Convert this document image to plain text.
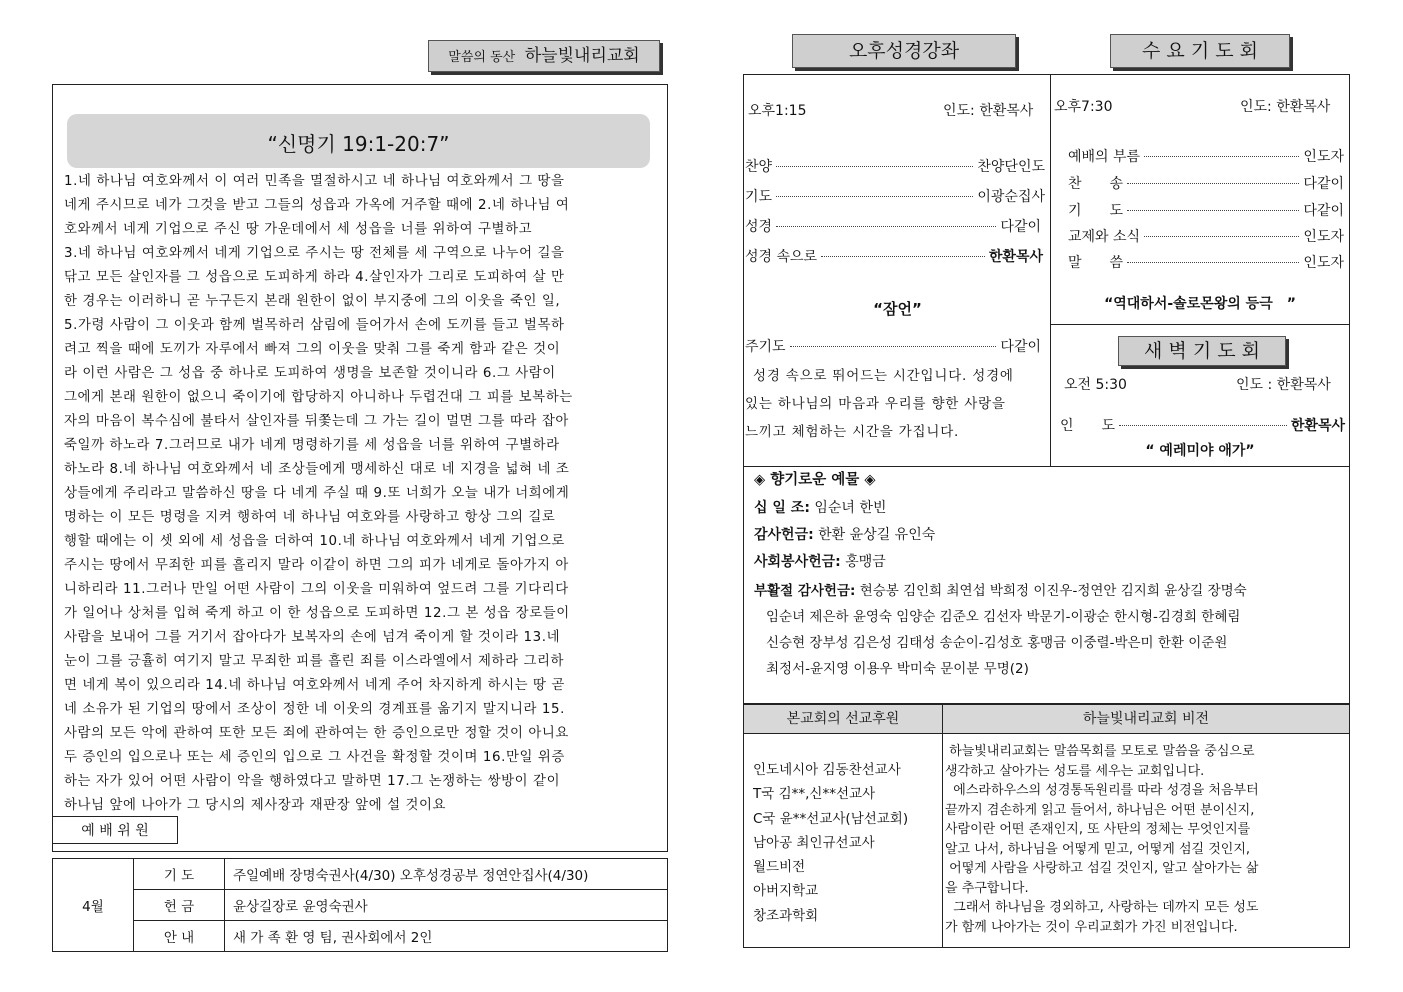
말씀의 동산 하늘빛내리교회
“신명기 19:1-20:7”

1.네 하나님 여호와께서 이 여러 민족을 멸절하시고 네 하나님 여호와께서 그 땅을

네게 주시므로 네가 그것을 받고 그들의 성읍과 가옥에 거주할 때에 2.네 하나님 여

호와께서 네게 기업으로 주신 땅 가운데에서 세 성읍을 너를 위하여 구별하고

3.네 하나님 여호와께서 네게 기업으로 주시는 땅 전체를 세 구역으로 나누어 길을

닦고 모든 살인자를 그 성읍으로 도피하게 하라 4.살인자가 그리로 도피하여 살 만

한 경우는 이러하니 곧 누구든지 본래 원한이 없이 부지중에 그의 이웃을 죽인 일,

5.가령 사람이 그 이웃과 함께 벌목하러 삼림에 들어가서 손에 도끼를 들고 벌목하

려고 찍을 때에 도끼가 자루에서 빠져 그의 이웃을 맞춰 그를 죽게 함과 같은 것이

라 이런 사람은 그 성읍 중 하나로 도피하여 생명을 보존할 것이니라 6.그 사람이

그에게 본래 원한이 없으니 죽이기에 합당하지 아니하나 두렵건대 그 피를 보복하는

자의 마음이 복수심에 불타서 살인자를 뒤쫓는데 그 가는 길이 멀면 그를 따라 잡아

죽일까 하노라 7.그러므로 내가 네게 명령하기를 세 성읍을 너를 위하여 구별하라

하노라 8.네 하나님 여호와께서 네 조상들에게 맹세하신 대로 네 지경을 넓혀 네 조

상들에게 주리라고 말씀하신 땅을 다 네게 주실 때 9.또 너희가 오늘 내가 너희에게

명하는 이 모든 명령을 지켜 행하여 네 하나님 여호와를 사랑하고 항상 그의 길로

행할 때에는 이 셋 외에 세 성읍을 더하여 10.네 하나님 여호와께서 네게 기업으로

주시는 땅에서 무죄한 피를 흘리지 말라 이같이 하면 그의 피가 네게로 돌아가지 아

니하리라 11.그러나 만일 어떤 사람이 그의 이웃을 미워하여 엎드려 그를 기다리다

가 일어나 상처를 입혀 죽게 하고 이 한 성읍으로 도피하면 12.그 본 성읍 장로들이

사람을 보내어 그를 거기서 잡아다가 보복자의 손에 넘겨 죽이게 할 것이라 13.네

눈이 그를 긍휼히 여기지 말고 무죄한 피를 흘린 죄를 이스라엘에서 제하라 그리하

면 네게 복이 있으리라 14.네 하나님 여호와께서 네게 주어 차지하게 하시는 땅 곧

네 소유가 된 기업의 땅에서 조상이 정한 네 이웃의 경계표를 옮기지 말지니라 15.

사람의 모든 악에 관하여 또한 모든 죄에 관하여는 한 증인으로만 정할 것이 아니요

두 증인의 입으로나 또는 세 증인의 입으로 그 사건을 확정할 것이며 16.만일 위증

하는 자가 있어 어떤 사람이 악을 행하였다고 말하면 17.그 논쟁하는 쌍방이 같이

하나님 앞에 나아가 그 당시의 제사장과 재판장 앞에 설 것이요

예 배 위 원
4월	기 도	주일예배 장명숙권사(4/30) 오후성경공부 정연안집사(4/30)
	헌 금	윤상길장로 윤영숙권사
	안 내	새 가 족 환 영 팀, 권사회에서 2인
오후성경강좌	수 요 기 도 회
오후1:15	인도: 한환목사
찬양	찬양단인도
기도	이광순집사
성경	다같이
성경 속으로	한환목사
“잠언”
주기도	다같이
성경 속으로 뛰어드는 시간입니다. 성경에
있는 하나님의 마음과 우리를 향한 사랑을
느끼고 체험하는 시간을 가집니다.
오후7:30	인도: 한환목사
예배의 부름	인도자
찬　　송	다같이
기　　도	다같이
교제와 소식	인도자
말　　씀	인도자
“역대하서-솔로몬왕의 등극　”
새 벽 기 도 회
오전 5:30	인도 : 한환목사
인　　도	한환목사
“ 예레미야 애가”
◈ 향기로운 예물 ◈
십 일 조: 임순녀 한빈
감사헌금: 한환 윤상길 유인숙
사회봉사헌금: 홍맹금
부활절 감사헌금: 현승봉 김인희 최연섭 박희정 이진우-정연안 김지희 윤상길 장명숙
임순녀 제은하 윤영숙 임양순 김준오 김선자 박문기-이광순 한시형-김경희 한혜림
신승현 장부성 김은성 김태성 송순이-김성호 홍맹금 이중렬-박은미 한환 이준원
최정서-윤지영 이용우 박미숙 문이분 무명(2)
본교회의 선교후원	하늘빛내리교회 비전
인도네시아 김동찬선교사
T국 김**,신**선교사
C국 윤**선교사(남선교회)
남아공 최인규선교사
월드비전
아버지학교
창조과학회
하늘빛내리교회는 말씀목회를 모토로 말씀을 중심으로
생각하고 살아가는 성도를 세우는 교회입니다.
에스라하우스의 성경통독원리를 따라 성경을 처음부터
끝까지 겸손하게 읽고 들어서, 하나님은 어떤 분이신지,
사람이란 어떤 존재인지, 또 사탄의 정체는 무엇인지를
알고 나서, 하나님을 어떻게 믿고, 어떻게 섬길 것인지,
어떻게 사람을 사랑하고 섬길 것인지, 알고 살아가는 삶
을 추구합니다.
그래서 하나님을 경외하고, 사랑하는 데까지 모든 성도
가 함께 나아가는 것이 우리교회가 가진 비전입니다.
